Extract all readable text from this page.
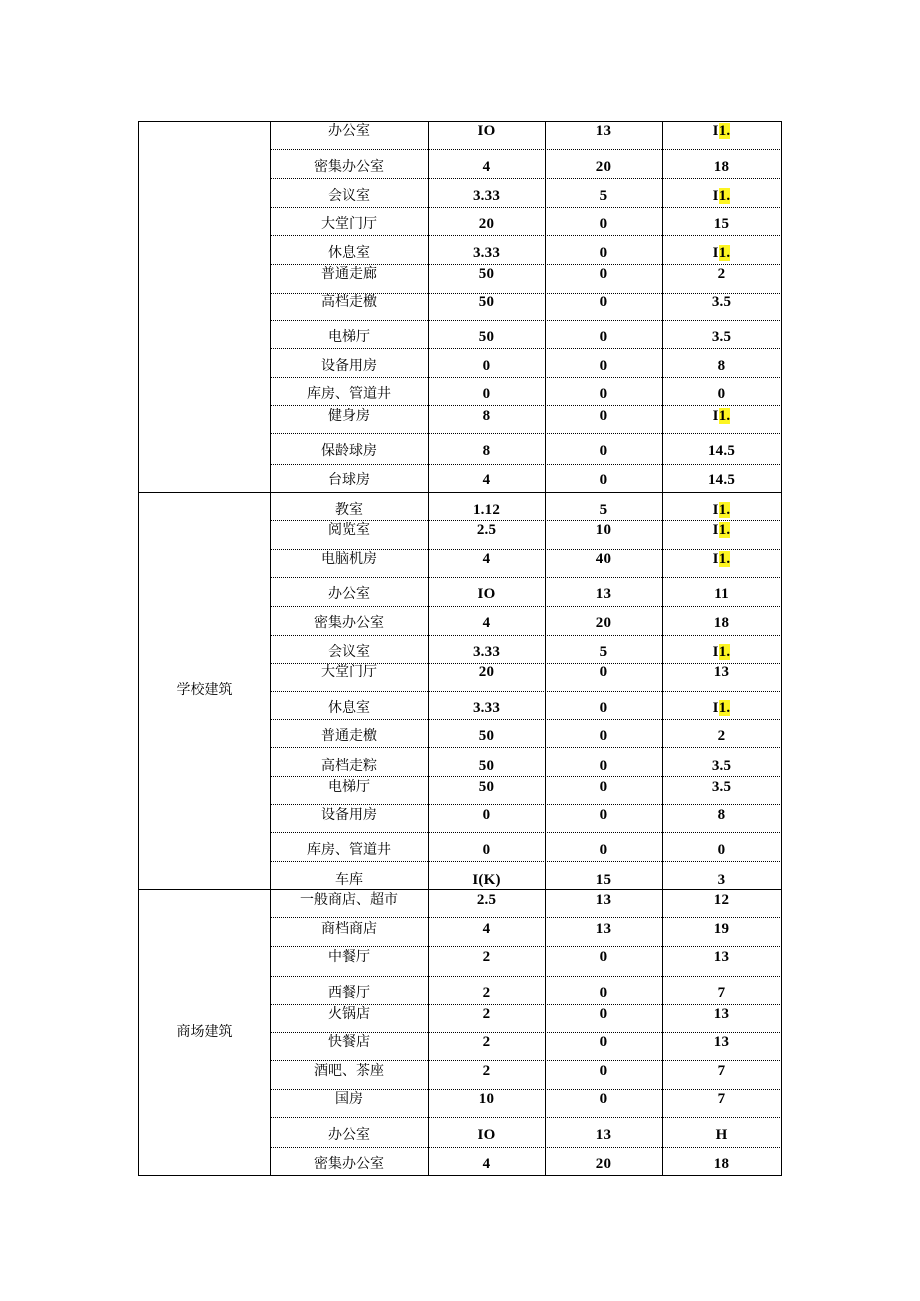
办公室	IO	13	I1.
密集办公室	4	20	18
会议室	3.33	5	I1.
大堂门厅	20	0	15
休息室	3.33	0	I1.
普通走廊	50	0	2
高档走檄	50	0	3.5
电梯厅	50	0	3.5
设备用房	0	0	8
库房、管道井	0	0	0
健身房	8	0	I1.
保龄球房	8	0	14.5
台球房	4	0	14.5
学校建筑
教室	1.12	5	I1.
阅览室	2.5	10	I1.
电脑机房	4	40	I1.
办公室	IO	13	11
密集办公室	4	20	18
会议室	3.33	5	I1.
大堂门厅	20	0	13
休息室	3.33	0	I1.
普通走檄	50	0	2
高档走粽	50	0	3.5
电梯厅	50	0	3.5
设备用房	0	0	8
库房、管道井	0	0	0
车库	I(K)	15	3
商场建筑
一般商店、超市	2.5	13	12
商档商店	4	13	19
中餐厅	2	0	13
西餐厅	2	0	7
火锅店	2	0	13
快餐店	2	0	13
酒吧、茶座	2	0	7
国房	10	0	7
办公室	IO	13	H
密集办公室	4	20	18
